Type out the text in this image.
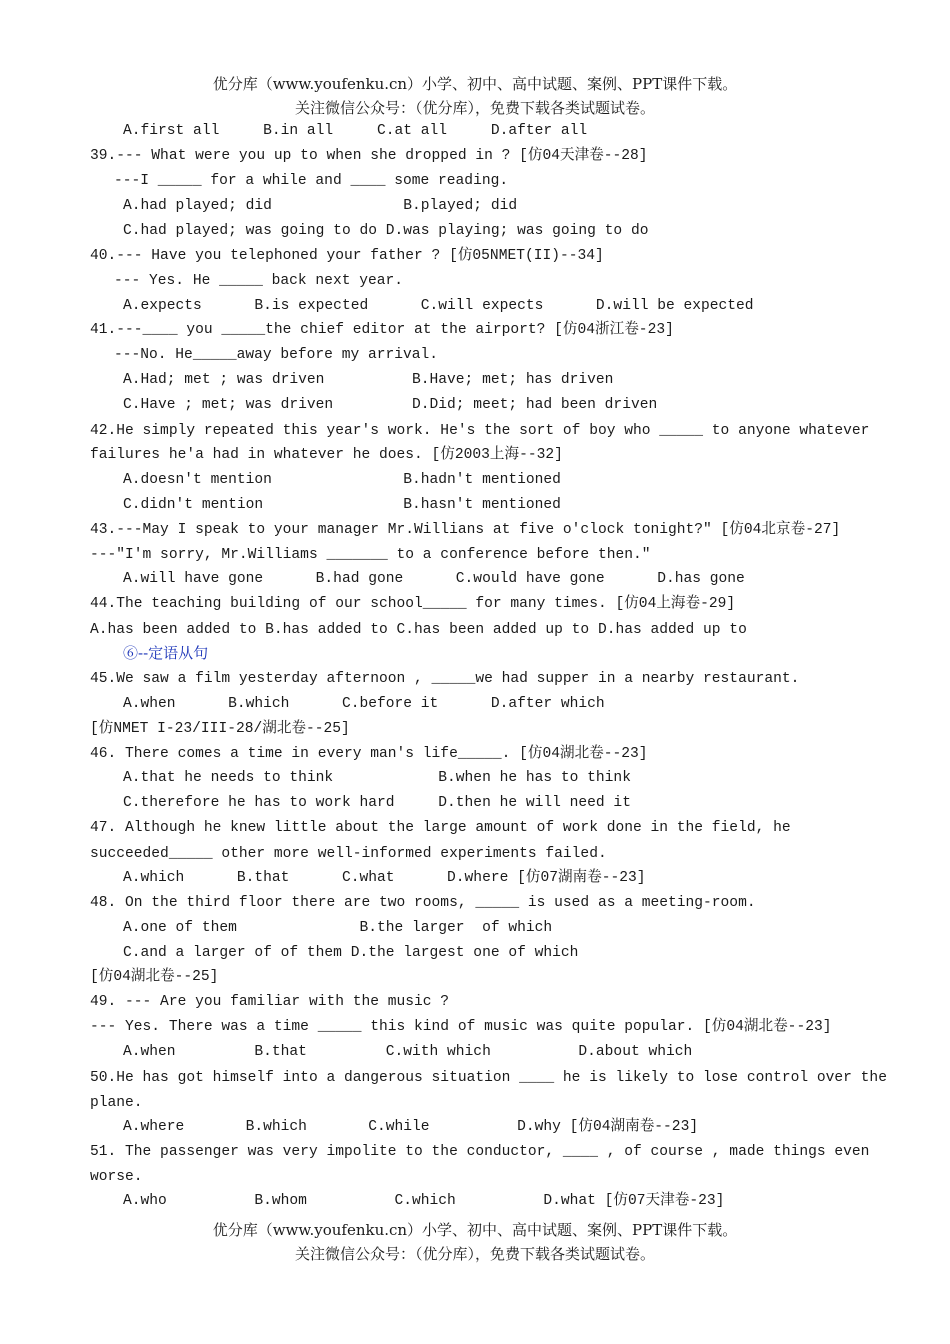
优分库（www.youfenku.cn）小学、初中、高中试题、案例、PPT课件下载。
关注微信公众号：（优分库），免费下载各类试题试卷。
A.first all     B.in all     C.at all     D.after all
39.--- What were you up to when she dropped in ? [仿04天津卷--28]
---I _____ for a while and ____ some reading.
A.had played; did               B.played; did
C.had played; was going to do D.was playing; was going to do
40.--- Have you telephoned your father ? [仿05NMET(II)--34]
--- Yes. He _____ back next year.
A.expects      B.is expected      C.will expects      D.will be expected
41.---____ you _____the chief editor at the airport? [仿04浙江卷-23]
---No. He_____away before my arrival.
A.Had; met ; was driven          B.Have; met; has driven
C.Have ; met; was driven         D.Did; meet; had been driven
42.He simply repeated this year's work. He's the sort of boy who _____ to anyone whatever
failures he'a had in whatever he does. [仿2003上海--32]
A.doesn't mention               B.hadn't mentioned
C.didn't mention                B.hasn't mentioned
43.---May I speak to your manager Mr.Willians at five o'clock tonight?" [仿04北京卷-27]
---"I'm sorry, Mr.Williams _______ to a conference before then."
A.will have gone      B.had gone      C.would have gone      D.has gone
44.The teaching building of our school_____ for many times. [仿04上海卷-29]
A.has been added to B.has added to C.has been added up to D.has added up to
⑥--定语从句
45.We saw a film yesterday afternoon , _____we had supper in a nearby restaurant.
A.when      B.which      C.before it      D.after which
[仿NMET I-23/III-28/湖北卷--25]
46. There comes a time in every man's life_____. [仿04湖北卷--23]
A.that he needs to think            B.when he has to think
C.therefore he has to work hard     D.then he will need it
47. Although he knew little about the large amount of work done in the field, he
succeeded_____ other more well-informed experiments failed.
A.which      B.that      C.what      D.where [仿07湖南卷--23]
48. On the third floor there are two rooms, _____ is used as a meeting-room.
A.one of them              B.the larger  of which
C.and a larger of of them D.the largest one of which
[仿04湖北卷--25]
49. --- Are you familiar with the music ?
--- Yes. There was a time _____ this kind of music was quite popular. [仿04湖北卷--23]
A.when         B.that         C.with which          D.about which
50.He has got himself into a dangerous situation ____ he is likely to lose control over the
plane.
A.where       B.which       C.while          D.why [仿04湖南卷--23]
51. The passenger was very impolite to the conductor, ____ , of course , made things even
worse.
A.who          B.whom          C.which          D.what [仿07天津卷-23]
优分库（www.youfenku.cn）小学、初中、高中试题、案例、PPT课件下载。
关注微信公众号：（优分库），免费下载各类试题试卷。
